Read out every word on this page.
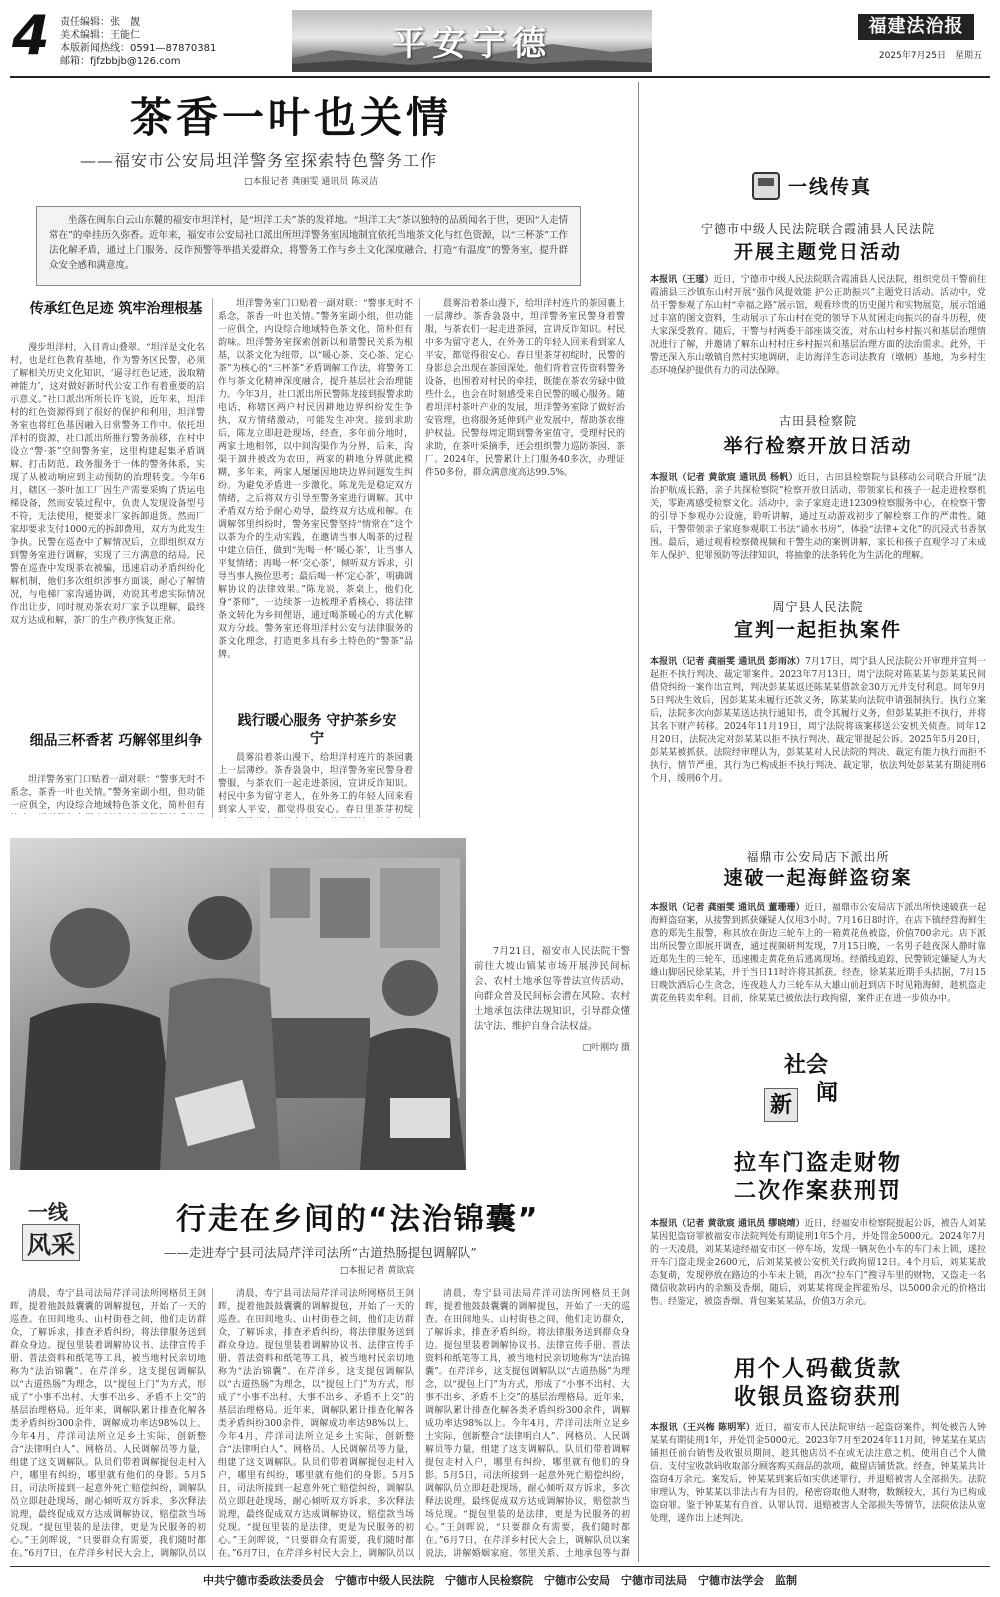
4 责任编辑：张　靓
美术编辑：王能仁
本版新闻热线：0591—87870381
邮箱：fjfzbbjb@126.com	平安宁德	福建法治报
2025年7月25日　星期五
茶香一叶也关情
——福安市公安局坦洋警务室探索特色警务工作
□本报记者 龚丽雯 通讯员 陈灵洁
坐落在闽东白云山东麓的福安市坦洋村，是“坦洋工夫”茶的发祥地。“坦洋工夫”茶以独特的品质闻名于世，更因“人走情常在”的牵挂历久弥香。近年来，福安市公安局社口派出所坦洋警务室因地制宜依托当地茶文化与红色资源，以“三杯茶”工作法化解矛盾，通过上门服务、反诈预警等举措关爱群众，将警务工作与乡土文化深度融合，打造“有温度”的警务室，提升群众安全感和满意度。
传承红色足迹 筑牢治理根基
漫步坦洋村，入目青山叠翠。“坦洋是文化名村，也是红色教育基地，作为警务区民警，必须了解相关历史文化知识，‘逼寻红色记迹，汲取精神能力’，这对做好新时代公安工作有着重要的启示意义。”社口派出所所长许飞说，近年来，坦洋村的红色资源得到了很好的保护和利用，坦洋警务室也将红色基因融入日常警务工作中。依托坦洋村的资源，社口派出所推行警务前移，在村中设立“警·茶”空间警务室，这里构建起集矛盾调解、打击防范、政务服务于一体的警务体系，实现了从被动响应到主动预防的治理转变。今年6月，辖区一茶叶加工厂因生产需要采购了货运电梯设备，然而安装过程中，负责人发现设备型号不符，无法使用，便要求厂家拆卸退货。然而厂家却要求支付1000元的拆卸费用，双方为此发生争执。民警在巡查中了解情况后，立即组织双方到警务室进行调解，实现了三方满意的结局。民警在巡查中发现茶农被骗，迅速启动矛盾纠纷化解机制，他们多次组织涉事方面谈，耐心了解情况，与电梯厂家沟通协调，劝说其考虑实际情况作出让步，同时规劝茶农对厂家予以理解，最终双方达成和解，茶厂的生产秩序恢复正常。
细品三杯香茗 巧解邻里纠争
坦洋警务室门口贴着一副对联：“警事无时不系念，茶香一叶也关情。”警务室副小组，但功能一应俱全，内设综合地域特色茶文化，简朴但有
坦洋警务室门口贴着一副对联：“警事无时不系念，茶香一叶也关情。”警务室副小组，但功能一应俱全，内设综合地域特色茶文化，简朴但有韵味。坦洋警务室探索创新以和谐警民关系为根基，以茶文化为纽带，以“暖心茶、交心茶、定心茶”为核心的“三杯茶”矛盾调解工作法，将警务工作与茶文化精神深度融合，提升基层社会治理能力。今年3月，社口派出所民警陈龙接到报警求助电话，称辖区两户村民因耕地边界纠纷发生争执，双方情绪激动，可能发生冲突。接到求助后，陈龙立即赶赴现场，经查，多年前分地时，两家土地相邻，以中间沟渠作为分界，后来，沟渠干涸并被改为农田，两家的耕地分界就此模糊，多年来，两家人屡屡因地块边界问题发生纠纷。为避免矛盾进一步激化，陈龙先是稳定双方情绪，之后将双方引导至警务室进行调解。其中矛盾双方给予耐心劝导，最终双方达成和解。在调解邻里纠纷时，警务室民警坚持“情常在”这个以茶为介的生动实践，在邀请当事人喝茶的过程中建立信任，做到“先喝一杯‘暖心茶’，让当事人平复情绪；再喝一杯‘交心茶’，倾听双方诉求，引导当事人换位思考；最后喝一杯‘定心茶’，明确调解协议的法律效果。”陈龙说，茶桌上，他们化身“茶师”，一边续茶一边梳理矛盾核心，将法律条文转化为乡间俚语，通过喝茶暖心的方式化解双方分歧。警务室还将坦洋村公安与法律服务的茶文化理念，打造更多具有乡土特色的“警茶”品牌。
践行暖心服务 守护茶乡安宁
晨雾沿着茶山漫下，给坦洋村连片的茶园裹上一层薄纱。茶香袅袅中，坦洋警务室民警身着警服，与茶农们一起走进茶园，宣讲反诈知识。村民中多为留守老人，在外务工的年轻人回来看到家人平安，都觉得很安心。春日里茶芽初绽
晨雾沿着茶山漫下，给坦洋村连片的茶园裹上一层薄纱。茶香袅袅中，坦洋警务室民警身着警服，与茶农们一起走进茶园，宣讲反诈知识。村民中多为留守老人，在外务工的年轻人回来看到家人平安，都觉得很安心。春日里茶芽初绽时，民警的身影总会出现在茶园深处。他们背着宣传资料警务设备，也围着对村民的牵挂，既能在茶农劳碌中做些什么，也会在时刻感受来自民警的暖心服务。随着坦洋村茶叶产业的发展，坦洋警务室除了做好治安管理，也将服务延伸到产业发展中，帮助茶农维护权益。民警每周定期到警务室值守，受理村民的求助，在茶叶采摘季，还会组织警力巡防茶园、茶厂。2024年，民警累计上门服务40多次，办理证件50多份，群众满意度高达99.5%。
7月21日，福安市人民法院干警前往大坡山镇某市场开展涉民间标会、农村土地承包等普法宣传活动，向群众普及民间标会潜在风险、农村土地承包法律法规知识，引导群众懂法守法、维护自身合法权益。
□叶刚均 摄
一线
风采
行走在乡间的“法治锦囊”
——走进寿宁县司法局芹洋司法所“古道热肠提包调解队”
□本报记者 黄欲宸
清晨，寿宁县司法局芹洋司法所网格员王剑晖，提着他鼓鼓囊囊的调解提包，开始了一天的巡查。在田间地头、山村街巷之间，他们走访群众，了解诉求，排查矛盾纠纷，将法律服务送到群众身边。提包里装着调解协议书、法律宣传手册、普法资料和纸笔等工具，被当地村民亲切地称为“法治锦囊”。在芹洋乡，这支提包调解队以“古道热肠”为理念，以“提包上门”为方式，形成了“小事不出村、大事不出乡、矛盾不上交”的基层治理格局。近年来，调解队累计排查化解各类矛盾纠纷300余件，调解成功率达98%以上。今年4月，芹洋司法所立足乡土实际，创新整合“法律明白人”、网格员、人民调解员等力量，组建了这支调解队。队员们带着调解提包走村入户，哪里有纠纷，哪里就有他们的身影。5月5日，司法所接到一起意外死亡赔偿纠纷，调解队员立即赶赴现场，耐心倾听双方诉求，多次释法说理，最终促成双方达成调解协议，赔偿款当场兑现。“提包里装的是法律，更是为民服务的初心。”王剑晖说，“只要群众有需要，我们随时都在。”6月7日，在芹洋乡村民大会上，调解队员以
清晨，寿宁县司法局芹洋司法所网格员王剑晖，提着他鼓鼓囊囊的调解提包，开始了一天的巡查。在田间地头、山村街巷之间，他们走访群众，了解诉求，排查矛盾纠纷，将法律服务送到群众身边。提包里装着调解协议书、法律宣传手册、普法资料和纸笔等工具，被当地村民亲切地称为“法治锦囊”。在芹洋乡，这支提包调解队以“古道热肠”为理念，以“提包上门”为方式，形成了“小事不出村、大事不出乡、矛盾不上交”的基层治理格局。近年来，调解队累计排查化解各类矛盾纠纷300余件，调解成功率达98%以上。今年4月，芹洋司法所立足乡土实际，创新整合“法律明白人”、网格员、人民调解员等力量，组建了这支调解队。队员们带着调解提包走村入户，哪里有纠纷，哪里就有他们的身影。5月5日，司法所接到一起意外死亡赔偿纠纷，调解队员立即赶赴现场，耐心倾听双方诉求，多次释法说理，最终促成双方达成调解协议，赔偿款当场兑现。“提包里装的是法律，更是为民服务的初心。”王剑晖说，“只要群众有需要，我们随时都在。”6月7日，在芹洋乡村民大会上，调解队员以
清晨，寿宁县司法局芹洋司法所网格员王剑晖，提着他鼓鼓囊囊的调解提包，开始了一天的巡查。在田间地头、山村街巷之间，他们走访群众，了解诉求，排查矛盾纠纷，将法律服务送到群众身边。提包里装着调解协议书、法律宣传手册、普法资料和纸笔等工具，被当地村民亲切地称为“法治锦囊”。在芹洋乡，这支提包调解队以“古道热肠”为理念，以“提包上门”为方式，形成了“小事不出村、大事不出乡、矛盾不上交”的基层治理格局。近年来，调解队累计排查化解各类矛盾纠纷300余件，调解成功率达98%以上。今年4月，芹洋司法所立足乡土实际，创新整合“法律明白人”、网格员、人民调解员等力量，组建了这支调解队。队员们带着调解提包走村入户，哪里有纠纷，哪里就有他们的身影。5月5日，司法所接到一起意外死亡赔偿纠纷，调解队员立即赶赴现场，耐心倾听双方诉求，多次释法说理，最终促成双方达成调解协议，赔偿款当场兑现。“提包里装的是法律，更是为民服务的初心。”王剑晖说，“只要群众有需要，我们随时都在。”6月7日，在芹洋乡村民大会上，调解队员以案说法，讲解婚姻家庭、邻里关系、土地承包等与群
一线传真
宁德市中级人民法院联合霞浦县人民法院
开展主题党日活动
本报讯（王瑾）近日，宁德市中级人民法院联合霞浦县人民法院，组织党员干警前往霞浦县三沙镇东山村开展“强作风提效能 护公正助振兴”主题党日活动。活动中，党员干警参观了东山村“幸福之路”展示馆，观看珍贵的历史图片和实物展览，展示馆通过丰富的图文资料，生动展示了东山村在党的领导下从贫困走向振兴的奋斗历程，使大家深受教育。随后，干警与村两委干部座谈交流，对东山村乡村振兴和基层治理情况进行了解，并邀请了解东山村村庄乡村振兴和基层治理方面的法治需求。此外，干警还深入东山墩镇自然村实地调研，走访海洋生态司法教育（墩柄）基地，为乡村生态环境保护提供有力的司法保障。
古田县检察院
举行检察开放日活动
本报讯（记者 黄欲宸 通讯员 杨帆）近日，古田县检察院与县移动公司联合开展“法治护航成长路，亲子共探检察院”检察开放日活动，带领家长和孩子一起走进检察机关，零距离感受检察文化。活动中，亲子家庭走进12309检察服务中心，在检察干警的引导下参观办公设施，聆听讲解，通过互动游戏初步了解检察工作的严肃性。随后，干警带领亲子家庭参观职工书法“诵水书房”，体验“法律+文化”的沉浸式书香氛围。最后，通过观看检察微视频和干警生动的案例讲解，家长和孩子直观学习了未成年人保护、犯罪预防等法律知识，将抽象的法条转化为生活化的理解。
周宁县人民法院
宣判一起拒执案件
本报讯（记者 龚丽雯 通讯员 彭雨冰）7月17日，周宁县人民法院公开审理并宣判一起拒不执行判决、裁定罪案件。2023年7月13日，周宁法院对陈某某与彭某某民间借贷纠纷一案作出宣判，判决彭某某返还陈某某借款金30万元并支付利息。同年9月5日判决生效后，因彭某某未履行还款义务，陈某某向法院申请强制执行。执行立案后，法院多次向彭某某送达执行通知书，责令其履行义务，但彭某某拒不执行，并将其名下财产转移。2024年11月19日，周宁法院将该案移送公安机关侦查。同年12月20日，法院决定对彭某某以拒不执行判决、裁定罪提起公诉。2025年5月20日，彭某某被抓获。法院经审理认为，彭某某对人民法院的判决、裁定有能力执行而拒不执行，情节严重，其行为已构成拒不执行判决、裁定罪，依法判处彭某某有期徒刑6个月，缓刑6个月。
福鼎市公安局店下派出所
速破一起海鲜盗窃案
本报讯（记者 龚丽雯 通讯员 董珊珊）近日，福鼎市公安局店下派出所快速破获一起海鲜盗窃案，从接警到抓获嫌疑人仅用3小时。7月16日8时许，在店下镇经营海鲜生意的郑先生报警，称其放在街边三轮车上的一箱黄花鱼被盗，价值700余元。店下派出所民警立即展开调查，通过视频研判发现，7月15日晚，一名男子趁夜深人静时靠近郑先生的三轮车，迅速搬走黄花鱼后逃离现场。经循线追踪，民警锁定嫌疑人为大雄山脚居民徐某某，并于当日11时许将其抓获。经查，徐某某近期手头拮据，7月15日晚饮酒后心生贪念，连夜趁人力三轮车从大雄山前赶到店下时见箱海鲜，趁机盗走黄花鱼转卖牟利。目前，徐某某已被依法行政拘留，案件正在进一步侦办中。
社会
新 闻
拉车门盗走财物
二次作案获刑罚
本报讯（记者 黄欲宸 通讯员 缪晓靖）近日，经福安市检察院提起公诉，被告人刘某某因犯盗窃罪被福安市法院判处有期徒刑1年5个月，并处罚金5000元。2024年7月的一天凌晨，刘某某途经福安市区一停车场，发现一辆灰色小车的车门未上锁，遂拉开车门盗走现金2600元，后刘某某被公安机关行政拘留12日。4个月后，刘某某故态复萌，发现停放在路边的小车未上锁，再次“拉车门”搜寻车里的财物，又盗走一名微信收款码内的余额及香烟，随后，刘某某将现金挥霍殆尽，以5000余元的价格出售。经鉴定，被盗香烟、背包案某某品，价值3万余元。
用个人码截货款
收银员盗窃获刑
本报讯（王兴梅 陈明军）近日，福安市人民法院审结一起盗窃案件，判处被告人钟某某有期徒刑1年，并处罚金5000元。2023年7月至2024年11月间，钟某某在某店铺担任前台销售及收银员期间，趁其他店员不在或无法注意之机，使用自己个人微信、支付宝收款码收取部分顾客购买商品的款项，截留店铺货款。经查，钟某某共计盗窃4万余元。案发后，钟某某到案后如实供述罪行，并退赔被害人全部损失。法院审理认为，钟某某以非法占有为目的，秘密窃取他人财物，数额较大，其行为已构成盗窃罪。鉴于钟某某有自首、认罪认罚、退赔被害人全部损失等情节，法院依法从宽处理，遂作出上述判决。
中共宁德市委政法委员会　宁德市中级人民法院　宁德市人民检察院　宁德市公安局　宁德市司法局　宁德市法学会　监制
